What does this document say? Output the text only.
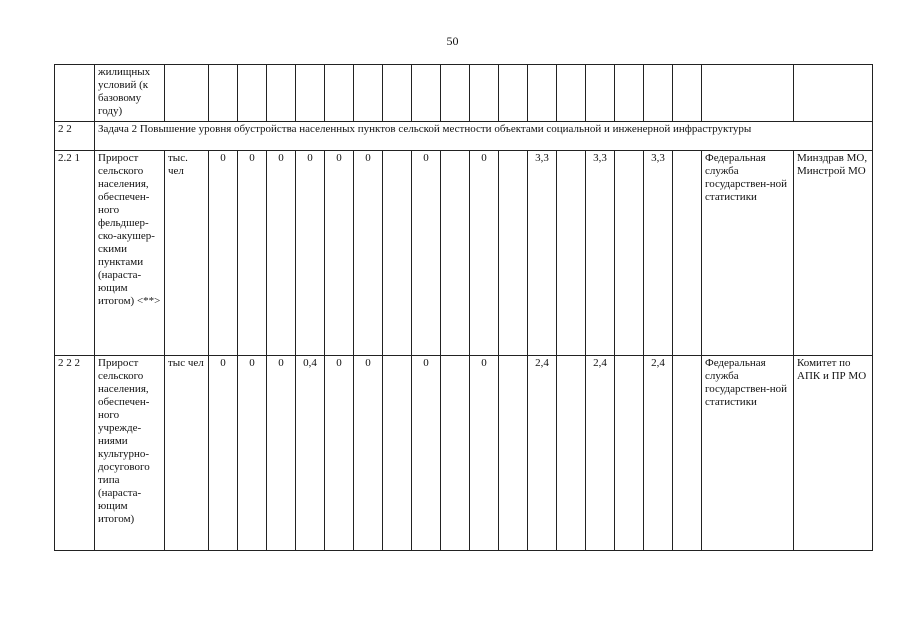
50
	жилищных условий (к базовому году)																				
2 2	Задача 2 Повышение уровня обустройства населенных пунктов сельской местности объектами социальной и инженерной инфраструктуры																				
2.2 1	Прирост сельского населения, обеспечен-ного фельдшер-ско-акушер-скими пунктами (нараста-ющим итогом) <**>	тыс. чел	0	0	0	0	0	0		0		0		3,3		3,3		3,3		Федеральная служба государствен-ной статистики	Минздрав МО, Минстрой МО
2 2 2	Прирост сельского населения, обеспечен-ного учрежде-ниями культурно-досугового типа (нараста-ющим итогом)	тыс чел	0	0	0	0,4	0	0		0		0		2,4		2,4		2,4		Федеральная служба государствен-ной статистики	Комитет по АПК и ПР МО
